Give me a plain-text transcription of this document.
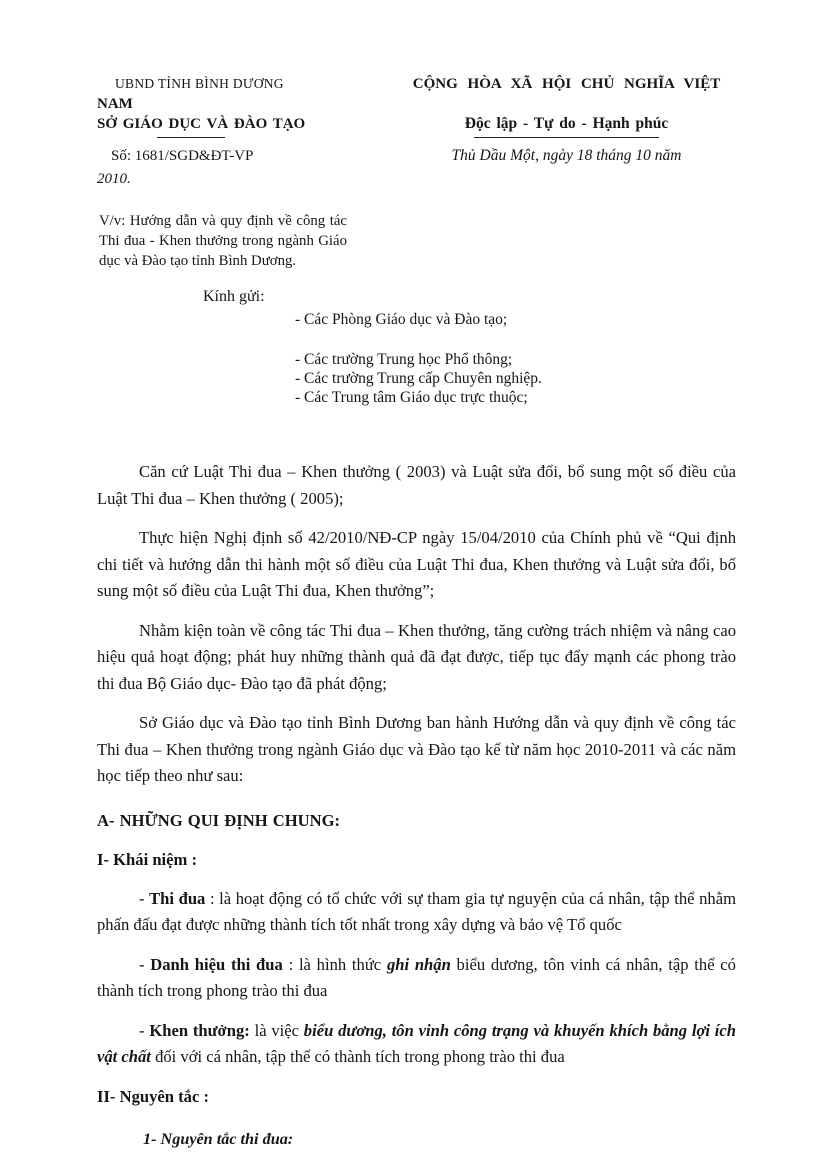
UBND TỈNH BÌNH DƯƠNG	CỘNG HÒA XÃ HỘI CHỦ NGHĨA VIỆT
NAM
SỞ GIÁO DỤC VÀ ĐÀO TẠO	Độc lập - Tự do - Hạnh phúc
Số: 1681/SGD&ĐT-VP	Thủ Dầu Một, ngày 18 tháng 10 năm
2010.

V/v: Hướng dẫn và quy định về công tác Thi đua - Khen thưởng trong ngành Giáo dục và Đào tạo tỉnh Bình Dương.

Kính gửi:
- Các Phòng Giáo dục và Đào tạo;
- Các trường Trung học Phổ thông;
- Các trường Trung cấp Chuyên nghiệp.
- Các Trung tâm Giáo dục trực thuộc;

Căn cứ Luật Thi đua – Khen thưởng ( 2003) và Luật sửa đổi, bổ sung một số điều của Luật Thi đua – Khen thưởng ( 2005);

Thực hiện Nghị định số 42/2010/NĐ-CP ngày 15/04/2010 của Chính phủ về “Qui định chi tiết và hướng dẫn thi hành một số điều của Luật Thi đua, Khen thưởng và Luật sửa đổi, bổ sung một số điều của Luật Thi đua, Khen thưởng”;

Nhằm kiện toàn về công tác Thi đua – Khen thưởng, tăng cường trách nhiệm và nâng cao hiệu quả hoạt động; phát huy những thành quả đã đạt được, tiếp tục đẩy mạnh các phong trào thi đua Bộ Giáo dục- Đào tạo đã phát động;

Sở Giáo dục và Đào tạo tỉnh Bình Dương ban hành Hướng dẫn và quy định về công tác Thi đua – Khen thưởng trong ngành Giáo dục và Đào tạo kể từ năm học 2010-2011 và các năm học tiếp theo như sau:

A- NHỮNG QUI ĐỊNH CHUNG:

I- Khái niệm :

- Thi đua : là hoạt động có tổ chức với sự tham gia tự nguyện của cá nhân, tập thể nhằm phấn đấu đạt được những thành tích tốt nhất trong xây dựng và bảo vệ Tổ quốc

- Danh hiệu thi đua : là hình thức ghi nhận biểu dương, tôn vinh cá nhân, tập thể có thành tích trong phong trào thi đua

- Khen thưởng: là việc biểu dương, tôn vinh công trạng và khuyến khích bằng lợi ích vật chất đối với cá nhân, tập thể có thành tích trong phong trào thi đua

II- Nguyên tắc :

1- Nguyên tắc thi đua:
